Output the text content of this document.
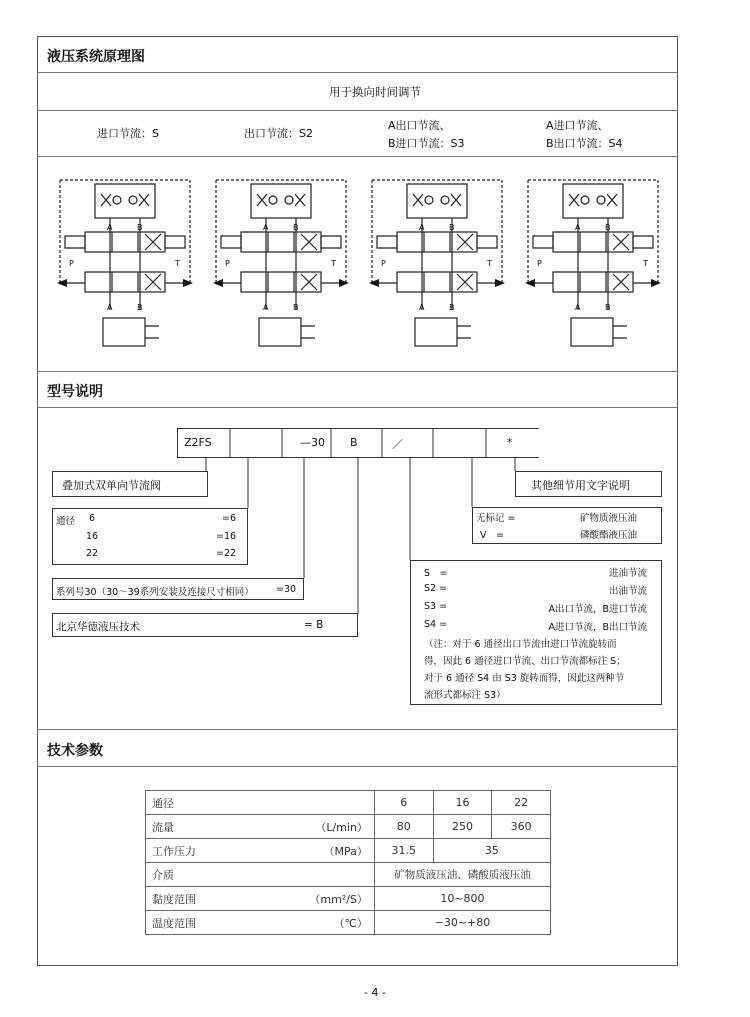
液压系统原理图
用于换向时间调节
进口节流：S	出口节流：S2
A出口节流、
B进口节流：S3
A进口节流、
B出口节流：S4
A	B
P	T
A	B
A	B
P	T
A	B
A	B
P	T
A	B
A	B
P	T
A	B
型号说明
Z2FS	—30 B	／	*
叠加式双单向节流阀	其他细节用文字说明
通径 6	=6
16	=16
22	=22
系列号30（30～39系列安装及连接尺寸相同） =30
北京华德液压技术	= B
无标记 =	矿物质液压油
V　=	磷酸酯液压油
S　=	进油节流
S2 =	出油节流
S3 =	A出口节流，B进口节流
S4 =	A进口节流，B出口节流
（注：对于 6 通径出口节流由进口节流旋转而
得，因此 6 通径进口节流、出口节流都标注 S；
对于 6 通径 S4 由 S3 旋转而得，因此这两种节
流形式都标注 S3）
技术参数
通径	6	16	22
流量 （L/min）	80	250	360
工作压力 （MPa）	31.5	35	
介质	矿物质液压油、磷酸质液压油		
黏度范围 （mm²/S）	10~800		
温度范围 （℃）	−30~+80		
- 4 -
